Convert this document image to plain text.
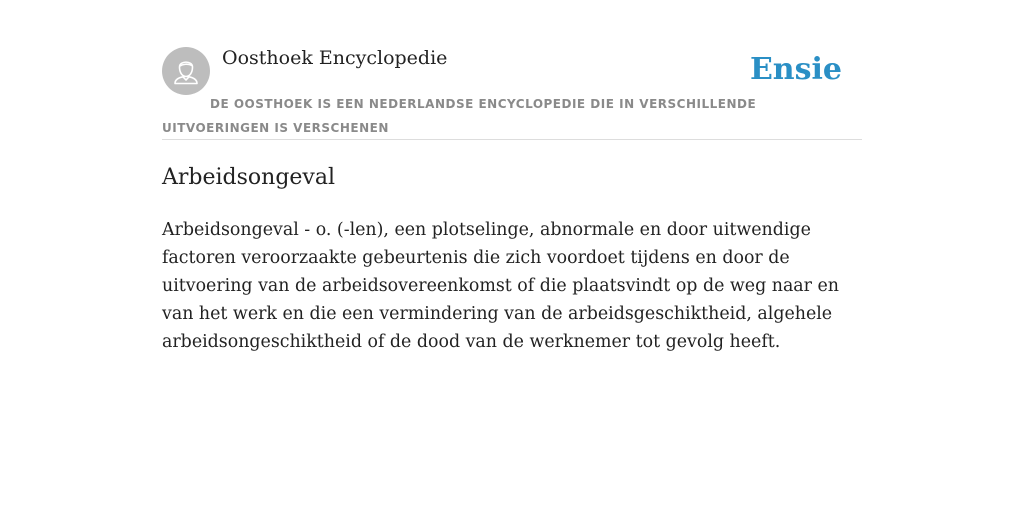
Oosthoek Encyclopedie	Ensie
DE OOSTHOEK IS EEN NEDERLANDSE ENCYCLOPEDIE DIE IN VERSCHILLENDE UITVOERINGEN IS VERSCHENEN
Arbeidsongeval

Arbeidsongeval - o. (-len), een plotselinge, abnormale en door uitwendige factoren veroorzaakte gebeurtenis die zich voordoet tijdens en door de uitvoering van de arbeidsovereenkomst of die plaatsvindt op de weg naar en van het werk en die een vermindering van de arbeidsgeschiktheid, algehele arbeidsongeschiktheid of de dood van de werknemer tot gevolg heeft.
